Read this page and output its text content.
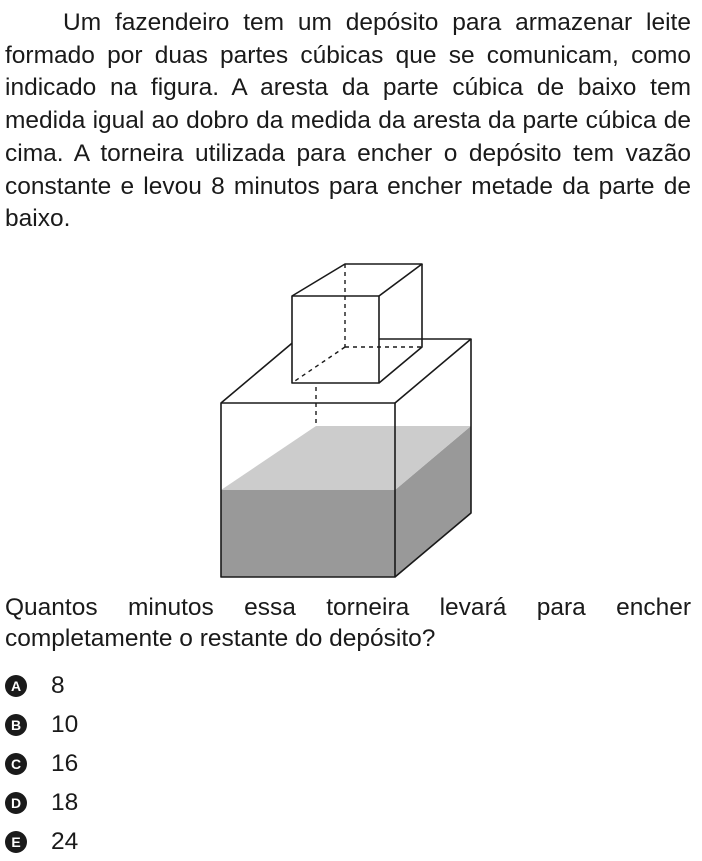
Um fazendeiro tem um depósito para armazenar leite formado por duas partes cúbicas que se comunicam, como indicado na figura. A aresta da parte cúbica de baixo tem medida igual ao dobro da medida da aresta da parte cúbica de cima. A torneira utilizada para encher o depósito tem vazão constante e levou 8 minutos para encher metade da parte de baixo.

Quantos minutos essa torneira levará para encher
completamente o restante do depósito?

A 8
B 10
C 16
D 18
E 24
